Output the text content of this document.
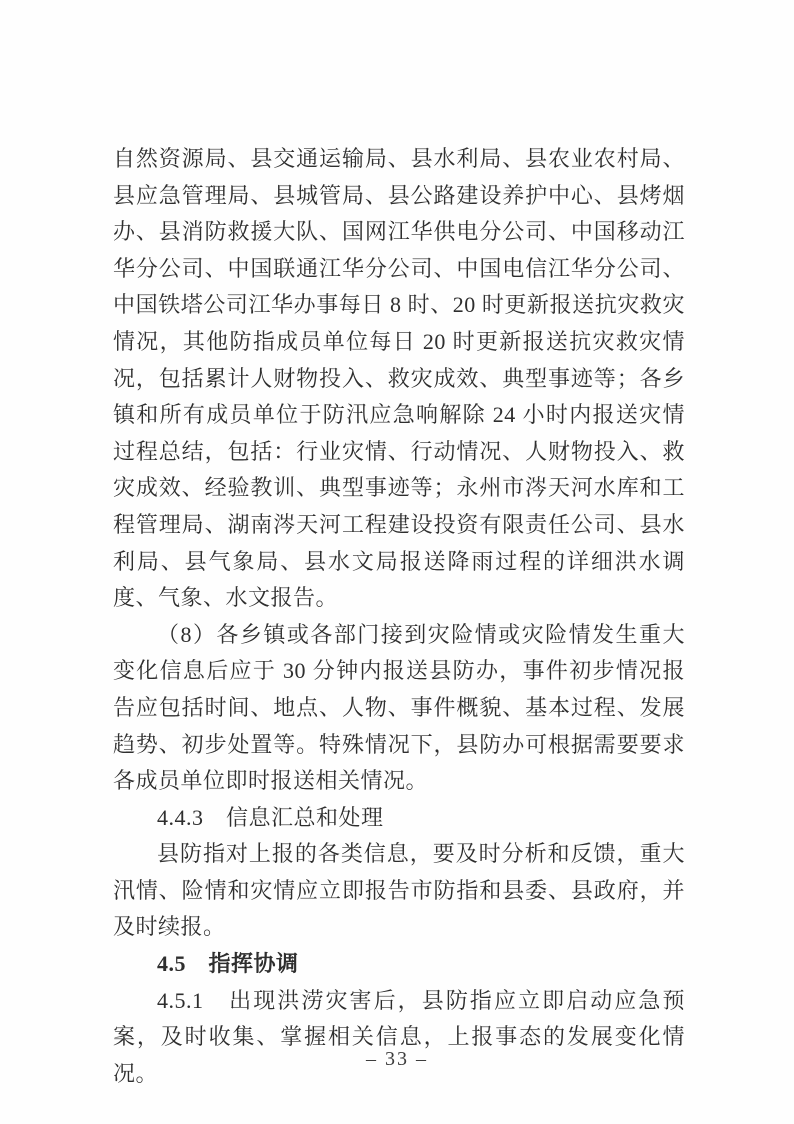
自然资源局、县交通运输局、县水利局、县农业农村局、县应急管理局、县城管局、县公路建设养护中心、县烤烟办、县消防救援大队、国网江华供电分公司、中国移动江华分公司、中国联通江华分公司、中国电信江华分公司、中国铁塔公司江华办事每日 8 时、20 时更新报送抗灾救灾情况，其他防指成员单位每日 20 时更新报送抗灾救灾情况，包括累计人财物投入、救灾成效、典型事迹等；各乡镇和所有成员单位于防汛应急响解除 24 小时内报送灾情过程总结，包括：行业灾情、行动情况、人财物投入、救灾成效、经验教训、典型事迹等；永州市涔天河水库和工程管理局、湖南涔天河工程建设投资有限责任公司、县水利局、县气象局、县水文局报送降雨过程的详细洪水调度、气象、水文报告。

（8）各乡镇或各部门接到灾险情或灾险情发生重大变化信息后应于 30 分钟内报送县防办，事件初步情况报告应包括时间、地点、人物、事件概貌、基本过程、发展趋势、初步处置等。特殊情况下，县防办可根据需要要求各成员单位即时报送相关情况。

4.4.3　信息汇总和处理

县防指对上报的各类信息，要及时分析和反馈，重大汛情、险情和灾情应立即报告市防指和县委、县政府，并及时续报。

4.5　指挥协调

4.5.1　出现洪涝灾害后，县防指应立即启动应急预案，及时收集、掌握相关信息，上报事态的发展变化情况。

– 33 –
